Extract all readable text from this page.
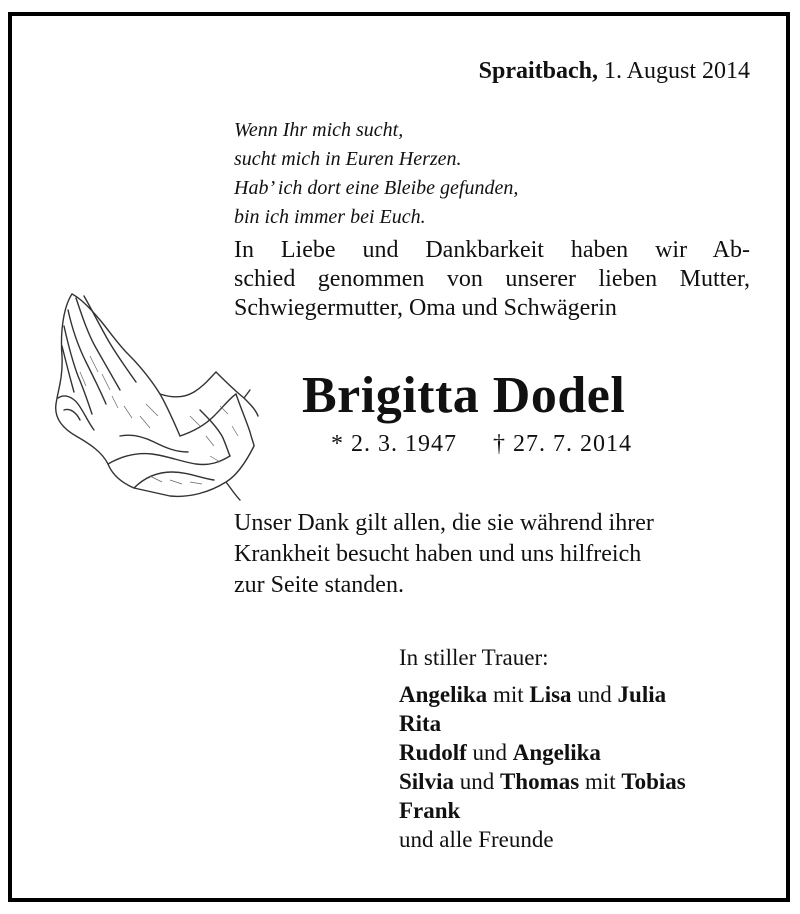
Spraitbach, 1. August 2014
Wenn Ihr mich sucht,
sucht mich in Euren Herzen.
Hab’ ich dort eine Bleibe gefunden,
bin ich immer bei Euch.
In Liebe und Dankbarkeit haben wir Ab-
schied genommen von unserer lieben Mutter,
Schwiegermutter, Oma und Schwägerin
Brigitta Dodel
* 2. 3. 1947 † 27. 7. 2014
Unser Dank gilt allen, die sie während ihrer
Krankheit besucht haben und uns hilfreich
zur Seite standen.
In stiller Trauer:
Angelika mit Lisa und Julia
Rita
Rudolf und Angelika
Silvia und Thomas mit Tobias
Frank
und alle Freunde
